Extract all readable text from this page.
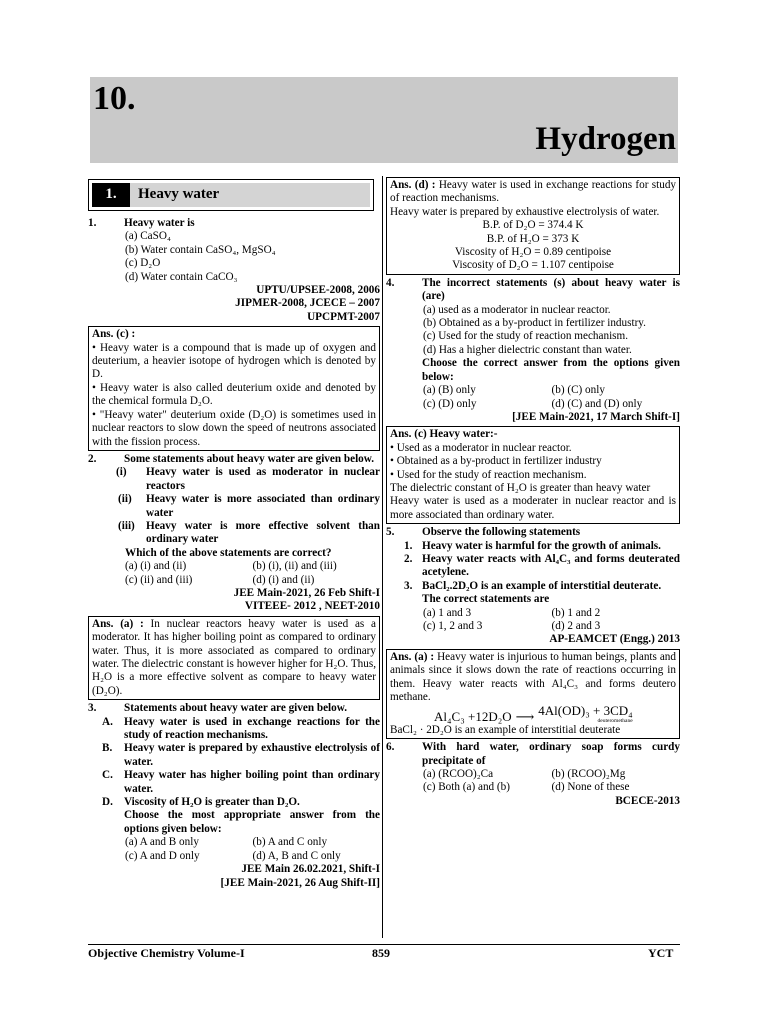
10.
Hydrogen
1.	Heavy water
1.	Heavy water is
(a) CaSO₄
(b) Water contain CaSO₄, MgSO₄
(c) D₂O
(d) Water contain CaCO₃
UPTU/UPSEE-2008, 2006
JIPMER-2008, JCECE – 2007
UPCPMT-2007
Ans. (c) :
• Heavy water is a compound that is made up of oxygen and deuterium, a heavier isotope of hydrogen which is denoted by D.
• Heavy water is also called deuterium oxide and denoted by the chemical formula D₂O.
• "Heavy water" deuterium oxide (D₂O) is sometimes used in nuclear reactors to slow down the speed of neutrons associated with the fission process.
2.	Some statements about heavy water are given below.
(i)	Heavy water is used as moderator in nuclear reactors
(ii)	Heavy water is more associated than ordinary water
(iii)	Heavy water is more effective solvent than ordinary water
Which of the above statements are correct?
(a) (i) and (ii)	(b) (i), (ii) and (iii)
(c) (ii) and (iii)	(d) (i) and (ii)
JEE Main-2021, 26 Feb Shift-I
VITEEE- 2012 , NEET-2010
Ans. (a) : In nuclear reactors heavy water is used as a moderator. It has higher boiling point as compared to ordinary water. Thus, it is more associated as compared to ordinary water. The dielectric constant is however higher for H₂O. Thus, H₂O is a more effective solvent as compare to heavy water (D₂O).
3.	Statements about heavy water are given below.
A. Heavy water is used in exchange reactions for the study of reaction mechanisms.
B.	Heavy water is prepared by exhaustive electrolysis of water.
C. Heavy water has higher boiling point than ordinary water.
D. Viscosity of H₂O is greater than D₂O.
Choose the most appropriate answer from the options given below:
(a) A and B only	(b) A and C only
(c) A and D only	(d) A, B and C only
JEE Main 26.02.2021, Shift-I
[JEE Main-2021, 26 Aug Shift-II]
Ans. (d) : Heavy water is used in exchange reactions for study of reaction mechanisms.
Heavy water is prepared by exhaustive electrolysis of water.
B.P. of D₂O = 374.4 K
B.P. of H₂O = 373 K
Viscosity of H₂O = 0.89 centipoise
Viscosity of D₂O = 1.107 centipoise
4.	The incorrect statements (s) about heavy water is (are)
(a) used as a moderator in nuclear reactor.
(b) Obtained as a by-product in fertilizer industry.
(c) Used for the study of reaction mechanism.
(d) Has a higher dielectric constant than water.
Choose the correct answer from the options given below:
(a) (B) only	(b) (C) only
(c) (D) only	(d) (C) and (D) only
[JEE Main-2021, 17 March Shift-I]
Ans. (c) Heavy water:-
• Used as a moderator in nuclear reactor.
• Obtained as a by-product in fertilizer industry
• Used for the study of reaction mechanism.
The dielectric constant of H₂O is greater than heavy water
Heavy water is used as a moderater in nuclear reactor and is more associated than ordinary water.
5.	Observe the following statements
1. Heavy water is harmful for the growth of animals.
2. Heavy water reacts with Al₄C₃ and forms deuterated acetylene.
3. BaCl₂.2D₂O is an example of interstitial deuterate.
The correct statements are
(a) 1 and 3	(b) 1 and 2
(c) 1, 2 and 3	(d) 2 and 3
AP-EAMCET (Engg.) 2013
Ans. (a) : Heavy water is injurious to human beings, plants and animals since it slows down the rate of reactions occurring in them. Heavy water reacts with Al₄C₃ and forms deutero methane.
Al₄C₃ +12D₂O ⟶ 4Al(OD)₃ + 3CD₄
deuteromethane
BaCl₂ · 2D₂O is an example of interstitial deuterate
6.	With hard water, ordinary soap forms curdy precipitate of
(a) (RCOO)₂Ca	(b) (RCOO)₂Mg
(c) Both (a) and (b)	(d) None of these
BCECE-2013
Objective Chemistry Volume-I	859	YCT
